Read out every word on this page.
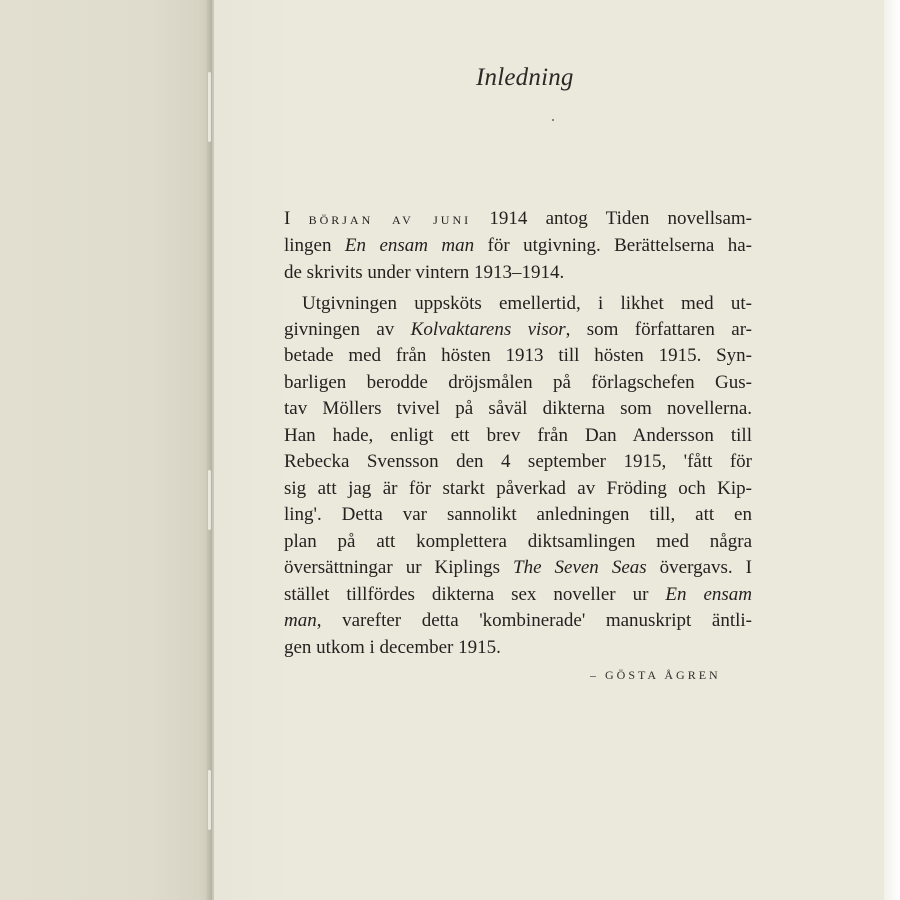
Inledning
I BÖRJAN AV JUNI 1914 antog Tiden novellsam-
lingen En ensam man för utgivning. Berättelserna ha-
de skrivits under vintern 1913–1914.
Utgivningen uppsköts emellertid, i likhet med ut-
givningen av Kolvaktarens visor, som författaren ar-
betade med från hösten 1913 till hösten 1915. Syn-
barligen berodde dröjsmålen på förlagschefen Gus-
tav Möllers tvivel på såväl dikterna som novellerna.
Han hade, enligt ett brev från Dan Andersson till
Rebecka Svensson den 4 september 1915, 'fått för
sig att jag är för starkt påverkad av Fröding och Kip-
ling'. Detta var sannolikt anledningen till, att en
plan på att komplettera diktsamlingen med några
översättningar ur Kiplings The Seven Seas övergavs. I
stället tillfördes dikterna sex noveller ur En ensam
man, varefter detta 'kombinerade' manuskript äntli-
gen utkom i december 1915.
– GÖSTA ÅGREN
